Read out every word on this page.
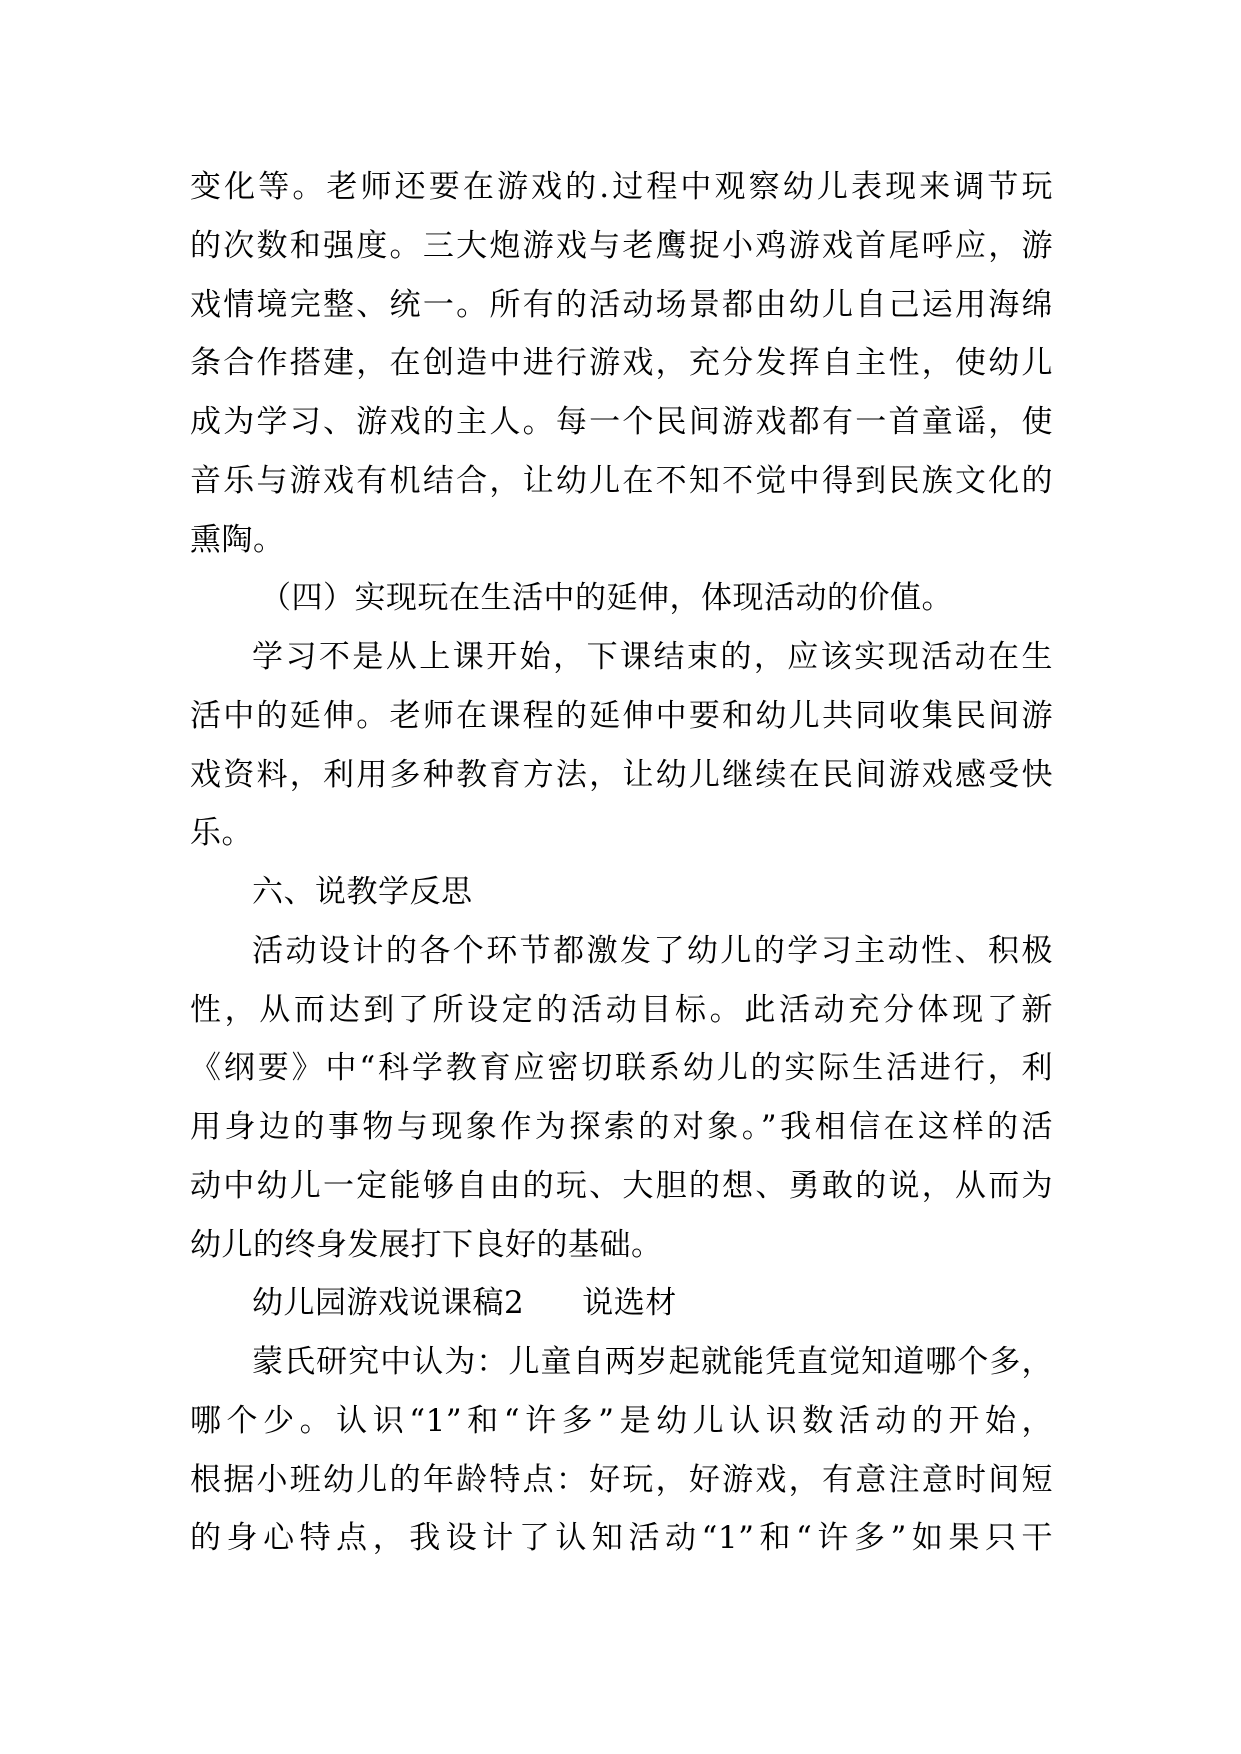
变化等。老师还要在游戏的.过程中观察幼儿表现来调节玩
的次数和强度。三大炮游戏与老鹰捉小鸡游戏首尾呼应，游
戏情境完整、统一。所有的活动场景都由幼儿自己运用海绵
条合作搭建，在创造中进行游戏，充分发挥自主性，使幼儿
成为学习、游戏的主人。每一个民间游戏都有一首童谣，使
音乐与游戏有机结合，让幼儿在不知不觉中得到民族文化的
熏陶。
（四）实现玩在生活中的延伸，体现活动的价值。
学习不是从上课开始，下课结束的，应该实现活动在生
活中的延伸。老师在课程的延伸中要和幼儿共同收集民间游
戏资料，利用多种教育方法，让幼儿继续在民间游戏感受快
乐。
六、说教学反思
活动设计的各个环节都激发了幼儿的学习主动性、积极
性，从而达到了所设定的活动目标。此活动充分体现了新
《纲要》中“科学教育应密切联系幼儿的实际生活进行，利
用身边的事物与现象作为探索的对象。”我相信在这样的活
动中幼儿一定能够自由的玩、大胆的想、勇敢的说，从而为
幼儿的终身发展打下良好的基础。
幼儿园游戏说课稿2 说选材
蒙氏研究中认为：儿童自两岁起就能凭直觉知道哪个多，
哪个少。认识“1”和“许多”是幼儿认识数活动的开始，
根据小班幼儿的年龄特点：好玩，好游戏，有意注意时间短
的身心特点，我设计了认知活动“1”和“许多”如果只干
